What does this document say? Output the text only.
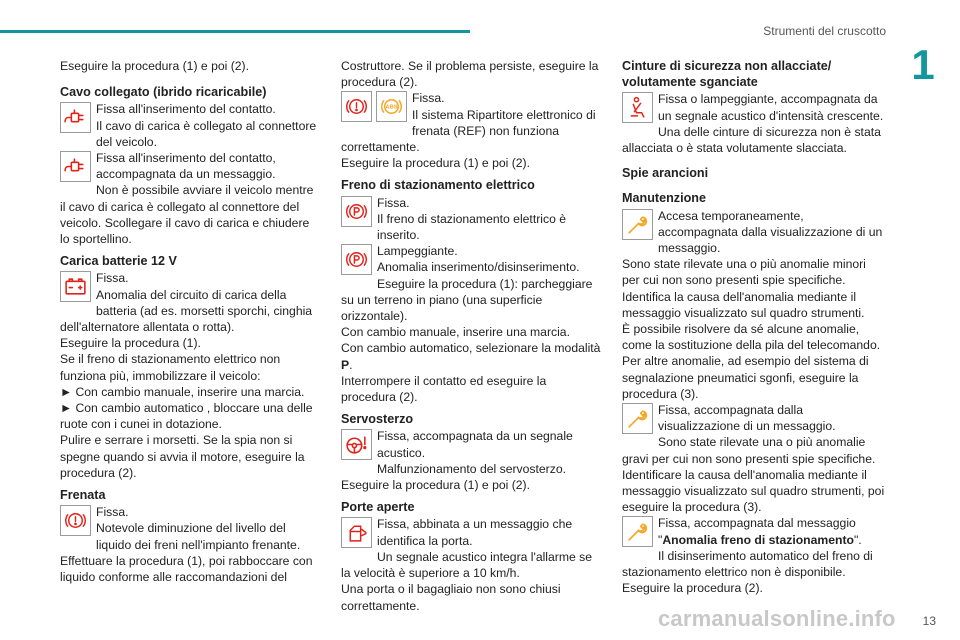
Strumenti del cruscotto
1

Eseguire la procedura (1) e poi (2).

Cavo collegato (ibrido ricaricabile)

Fissa all'inserimento del contatto.

Il cavo di carica è collegato al connettore del veicolo.

Fissa all'inserimento del contatto,

accompagnata da un messaggio.

Non è possibile avviare il veicolo mentre il cavo di carica è collegato al connettore del veicolo. Scollegare il cavo di carica e chiudere lo sportellino.

Carica batterie 12 V

Fissa.

Anomalia del circuito di carica della batteria (ad es. morsetti sporchi, cinghia dell'alternatore allentata o rotta).

Eseguire la procedura (1).

Se il freno di stazionamento elettrico non funziona più, immobilizzare il veicolo:

► Con cambio manuale, inserire una marcia.

► Con cambio automatico , bloccare una delle ruote con i cunei in dotazione.

Pulire e serrare i morsetti. Se la spia non si spegne quando si avvia il motore, eseguire la procedura (2).

Frenata

Fissa.

Notevole diminuzione del livello del liquido dei freni nell'impianto frenante.

Effettuare la procedura (1), poi rabboccare con liquido conforme alle raccomandazioni del

Costruttore. Se il problema persiste, eseguire la procedura (2).

ABS

Fissa.

Il sistema Ripartitore elettronico di frenata (REF) non funziona correttamente.

Eseguire la procedura (1) e poi (2).

Freno di stazionamento elettrico

Fissa.

Il freno di stazionamento elettrico è inserito.

Lampeggiante.

Anomalia inserimento/disinserimento.

Eseguire la procedura (1): parcheggiare su un terreno in piano (una superficie orizzontale).

Con cambio manuale, inserire una marcia.

Con cambio automatico, selezionare la modalità P.

Interrompere il contatto ed eseguire la procedura (2).

Servosterzo

Fissa, accompagnata da un segnale

acustico.

Malfunzionamento del servosterzo.

Eseguire la procedura (1) e poi (2).

Porte aperte

Fissa, abbinata a un messaggio che

identifica la porta.

Un segnale acustico integra l'allarme se la velocità è superiore a 10 km/h.

Una porta o il bagagliaio non sono chiusi correttamente.

Cinture di sicurezza non allacciate/ volutamente sganciate

Fissa o lampeggiante, accompagnata da

un segnale acustico d'intensità crescente.

Una delle cinture di sicurezza non è stata allacciata o è stata volutamente slacciata.

Spie arancioni

Manutenzione

Accesa temporaneamente,

accompagnata dalla visualizzazione di un messaggio.

Sono state rilevate una o più anomalie minori per cui non sono presenti spie specifiche.

Identifica la causa dell'anomalia mediante il messaggio visualizzato sul quadro strumenti.

È possibile risolvere da sé alcune anomalie, come la sostituzione della pila del telecomando.

Per altre anomalie, ad esempio del sistema di segnalazione pneumatici sgonfi, eseguire la procedura (3).

Fissa, accompagnata dalla

visualizzazione di un messaggio.

Sono state rilevate una o più anomalie gravi per cui non sono presenti spie specifiche.

Identificare la causa dell'anomalia mediante il messaggio visualizzato sul quadro strumenti, poi eseguire la procedura (3).

Fissa, accompagnata dal messaggio

"Anomalia freno di stazionamento".

Il disinserimento automatico del freno di stazionamento elettrico non è disponibile.

Eseguire la procedura (2).

carmanualsonline.info	13
